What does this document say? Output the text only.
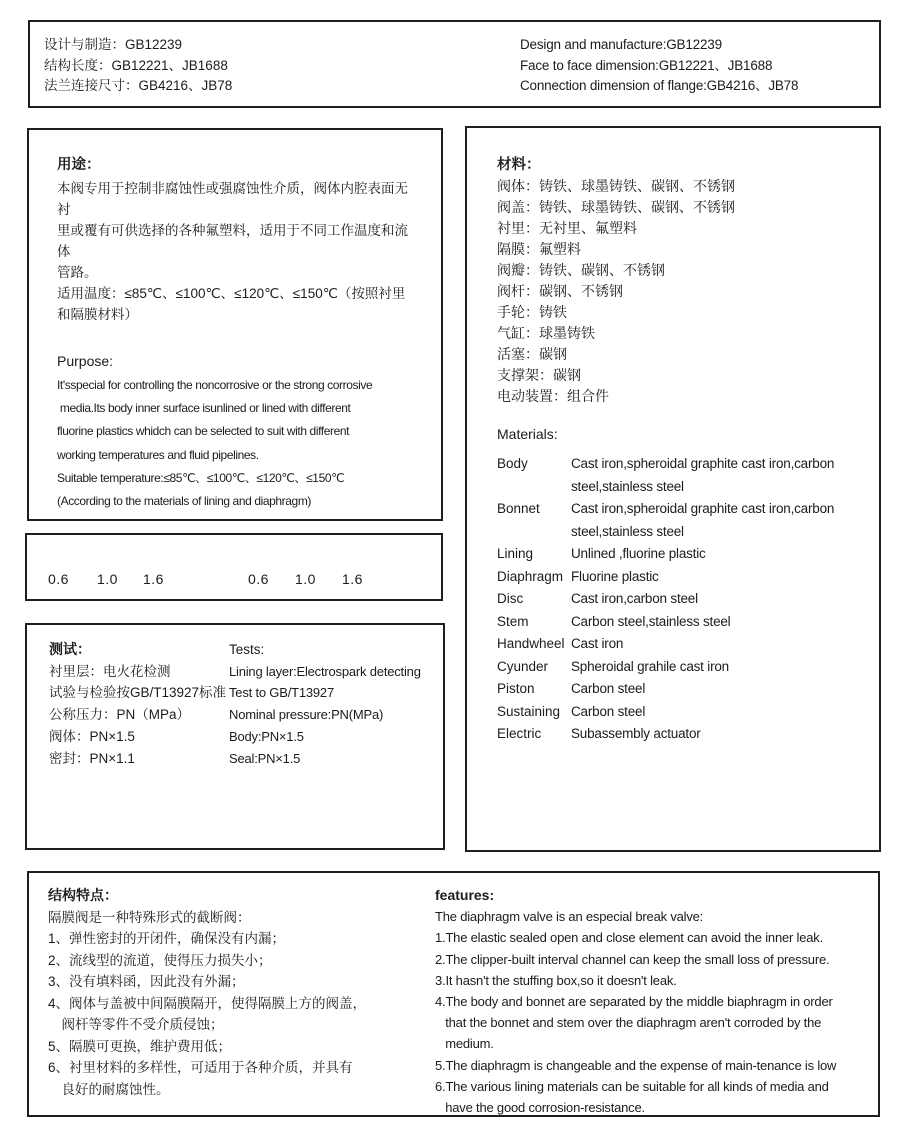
设计与制造：GB12239
结构长度：GB12221、JB1688
法兰连接尺寸：GB4216、JB78
Design and manufacture:GB12239
Face to face dimension:GB12221、JB1688
Connection dimension of flange:GB4216、JB78
用途：
本阀专用于控制非腐蚀性或强腐蚀性介质，阀体内腔表面无衬
里或覆有可供选择的各种氟塑料，适用于不同工作温度和流体
管路。
适用温度：≤85℃、≤100℃、≤120℃、≤150℃（按照衬里
和隔膜材料）
Purpose:
It'sspecial for controlling the noncorrosive or the strong corrosive
media.Its body inner surface isunlined or lined with different
fluorine plastics whidch can be selected to suit with different
working temperatures and fluid pipelines.
Suitable temperature:≤85℃、≤100℃、≤120℃、≤150℃
(According to the materials of lining and diaphragm)
材料：
阀体：铸铁、球墨铸铁、碳钢、不锈钢
阀盖：铸铁、球墨铸铁、碳钢、不锈钢
衬里：无衬里、氟塑料
隔膜：氟塑料
阀瓣：铸铁、碳钢、不锈钢
阀杆：碳钢、不锈钢
手轮：铸铁
气缸：球墨铸铁
活塞：碳钢
支撑架：碳钢
电动装置：组合件
Materials:
Body	Cast iron,spheroidal graphite cast iron,carbon steel,stainless steel
Bonnet	Cast iron,spheroidal graphite cast iron,carbon steel,stainless steel
Lining	Unlined ,fluorine plastic
Diaphragm Fluorine plastic
Disc	Cast iron,carbon steel
Stem	Carbon steel,stainless steel
Handwheel Cast iron
Cyunder	Spheroidal grahile cast iron
Piston	Carbon steel
Sustaining Carbon steel
Electric	Subassembly actuator
0.6 1.0 1.6	0.6 1.0 1.6
测试：
衬里层：电火花检测
试验与检验按GB/T13927标准
公称压力：PN（MPa）
阀体：PN×1.5
密封：PN×1.1
Tests:
Lining layer:Electrospark detecting
Test to GB/T13927
Nominal pressure:PN(MPa)
Body:PN×1.5
Seal:PN×1.5
结构特点：
隔膜阀是一种特殊形式的截断阀：
1、弹性密封的开闭件，确保没有内漏；
2、流线型的流道，使得压力损失小；
3、没有填料函，因此没有外漏；
4、阀体与盖被中间隔膜隔开，使得隔膜上方的阀盖，
　阀杆等零件不受介质侵蚀；
5、隔膜可更换，维护费用低；
6、衬里材料的多样性，可适用于各种介质，并具有
　良好的耐腐蚀性。
features:
The diaphragm valve is an especial break valve:
1.The elastic sealed open and close element can avoid the inner leak.
2.The clipper-built interval channel can keep the small loss of pressure.
3.It hasn't the stuffing box,so it doesn't leak.
4.The body and bonnet are separated by the middle biaphragm in order
that the bonnet and stem over the diaphragm aren't corroded by the
medium.
5.The diaphragm is changeable and the expense of main-tenance is low
6.The various lining materials can be suitable for all kinds of media and
have the good corrosion-resistance.
